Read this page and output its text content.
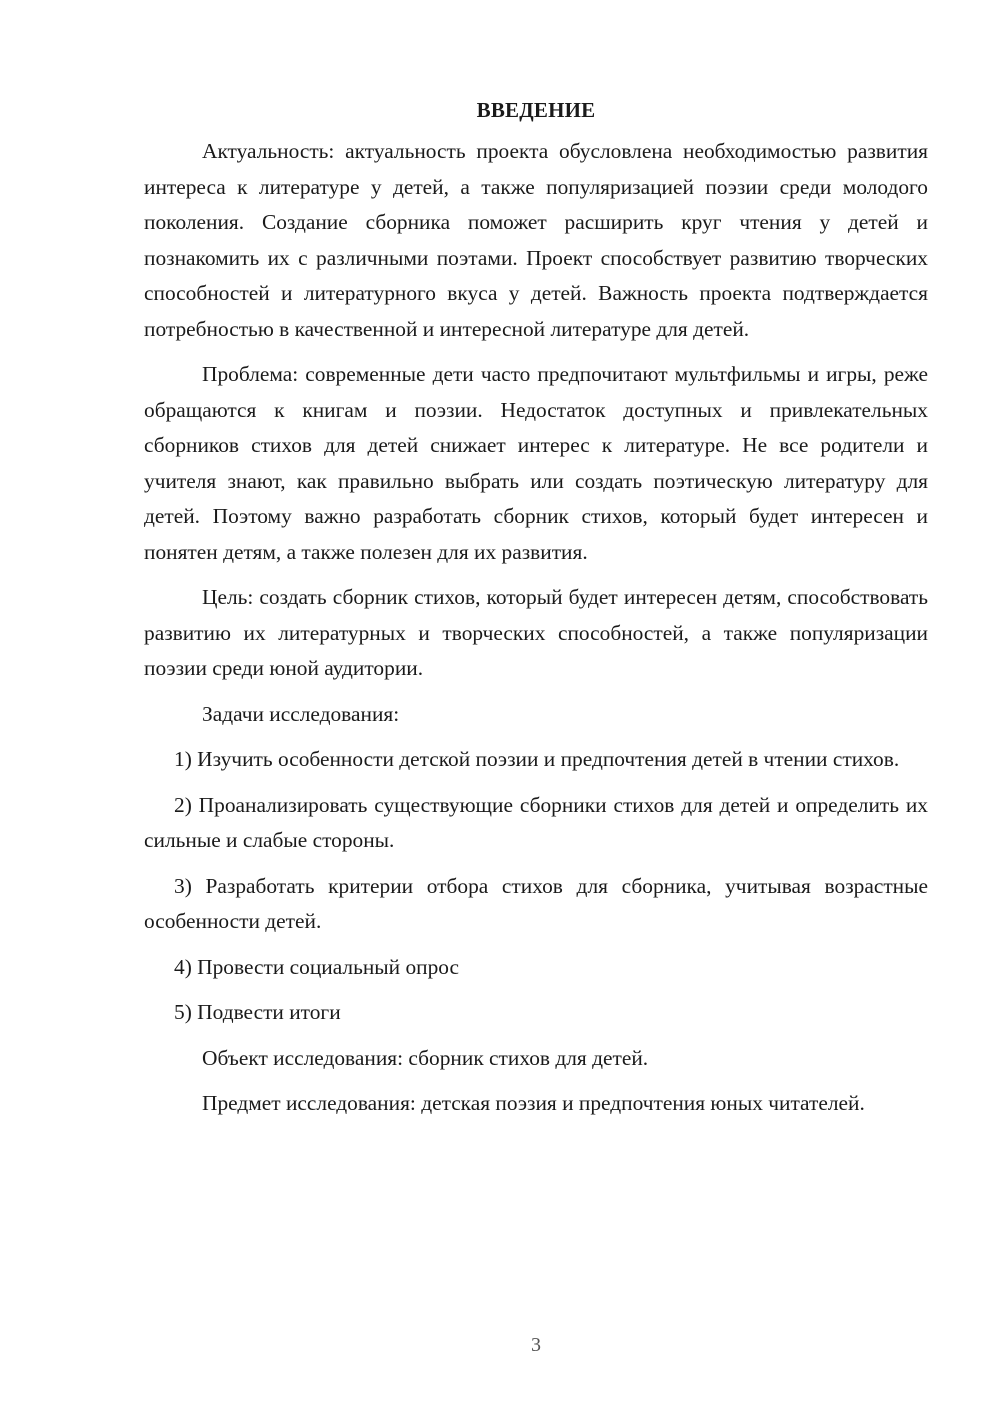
ВВЕДЕНИЕ

Актуальность: актуальность проекта обусловлена необходимостью развития интереса к литературе у детей, а также популяризацией поэзии среди молодого поколения. Создание сборника поможет расширить круг чтения у детей и познакомить их с различными поэтами. Проект способствует развитию творческих способностей и литературного вкуса у детей. Важность проекта подтверждается потребностью в качественной и интересной литературе для детей.

Проблема: современные дети часто предпочитают мультфильмы и игры, реже обращаются к книгам и поэзии. Недостаток доступных и привлекательных сборников стихов для детей снижает интерес к литературе. Не все родители и учителя знают, как правильно выбрать или создать поэтическую литературу для детей. Поэтому важно разработать сборник стихов, который будет интересен и понятен детям, а также полезен для их развития.

Цель: создать сборник стихов, который будет интересен детям, способствовать развитию их литературных и творческих способностей, а также популяризации поэзии среди юной аудитории.

Задачи исследования:

1) Изучить особенности детской поэзии и предпочтения детей в чтении стихов.

2) Проанализировать существующие сборники стихов для детей и определить их сильные и слабые стороны.

3) Разработать критерии отбора стихов для сборника, учитывая возрастные особенности детей.

4) Провести социальный опрос

5) Подвести итоги

Объект исследования: сборник стихов для детей.

Предмет исследования: детская поэзия и предпочтения юных читателей.

3
